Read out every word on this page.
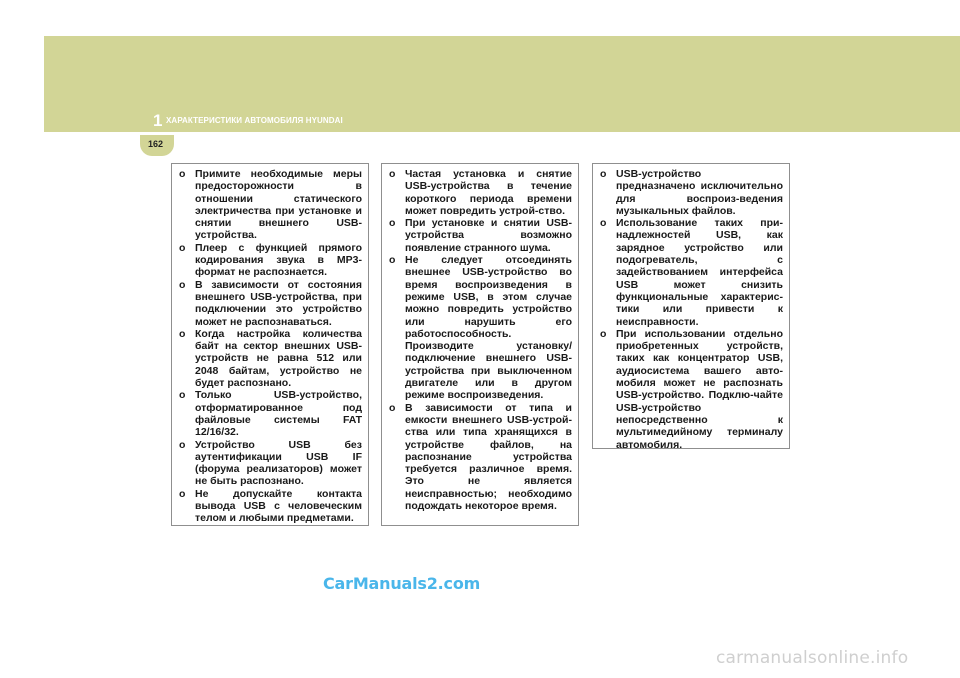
1 ХАРАКТЕРИСТИКИ АВТОМОБИЛЯ HYUNDAI
162
o Примите необходимые меры предосторожности в отношении статического электричества при установке и снятии внешнего USB-устройства.
o Плеер с функцией прямого кодирования звука в MP3-формат не распознается.
o В зависимости от состояния внешнего USB-устройства, при подключении это устройство может не распознаваться.
o Когда настройка количества байт на сектор внешних USB-устройств не равна 512 или 2048 байтам, устройство не будет распознано.
o Только USB-устройство, отформатированное под файловые системы FAT 12/16/32.
o Устройство USB без аутентификации USB IF (форума реализаторов) может не быть распознано.
o Не допускайте контакта вывода USB с человеческим телом и любыми предметами.
o Частая установка и снятие USB-устройства в течение короткого периода времени может повредить устрой-ство.
o При установке и снятии USB-устройства возможно появление странного шума.
o Не следует отсоединять внешнее USB-устройство во время воспроизведения в режиме USB, в этом случае можно повредить устройство или нарушить его работоспособность. Производите установку/подключение внешнего USB-устройства при выключенном двигателе или в другом режиме воспроизведения.
o В зависимости от типа и емкости внешнего USB-устрой-ства или типа хранящихся в устройстве файлов, на распознание устройства требуется различное время. Это не является неисправностью; необходимо подождать некоторое время.
o USB-устройство предназначено исключительно для воспроиз-ведения музыкальных файлов.
o Использование таких при-надлежностей USB, как зарядное устройство или подогреватель, с задействованием интерфейса USB может снизить функциональные характерис-тики или привести к неисправности.
o При использовании отдельно приобретенных устройств, таких как концентратор USB, аудиосистема вашего авто-мобиля может не распознать USB-устройство. Подклю-чайте USB-устройство непосредственно к мультимедийному терминалу автомобиля.
CarManuals2.com
carmanualsonline.info
